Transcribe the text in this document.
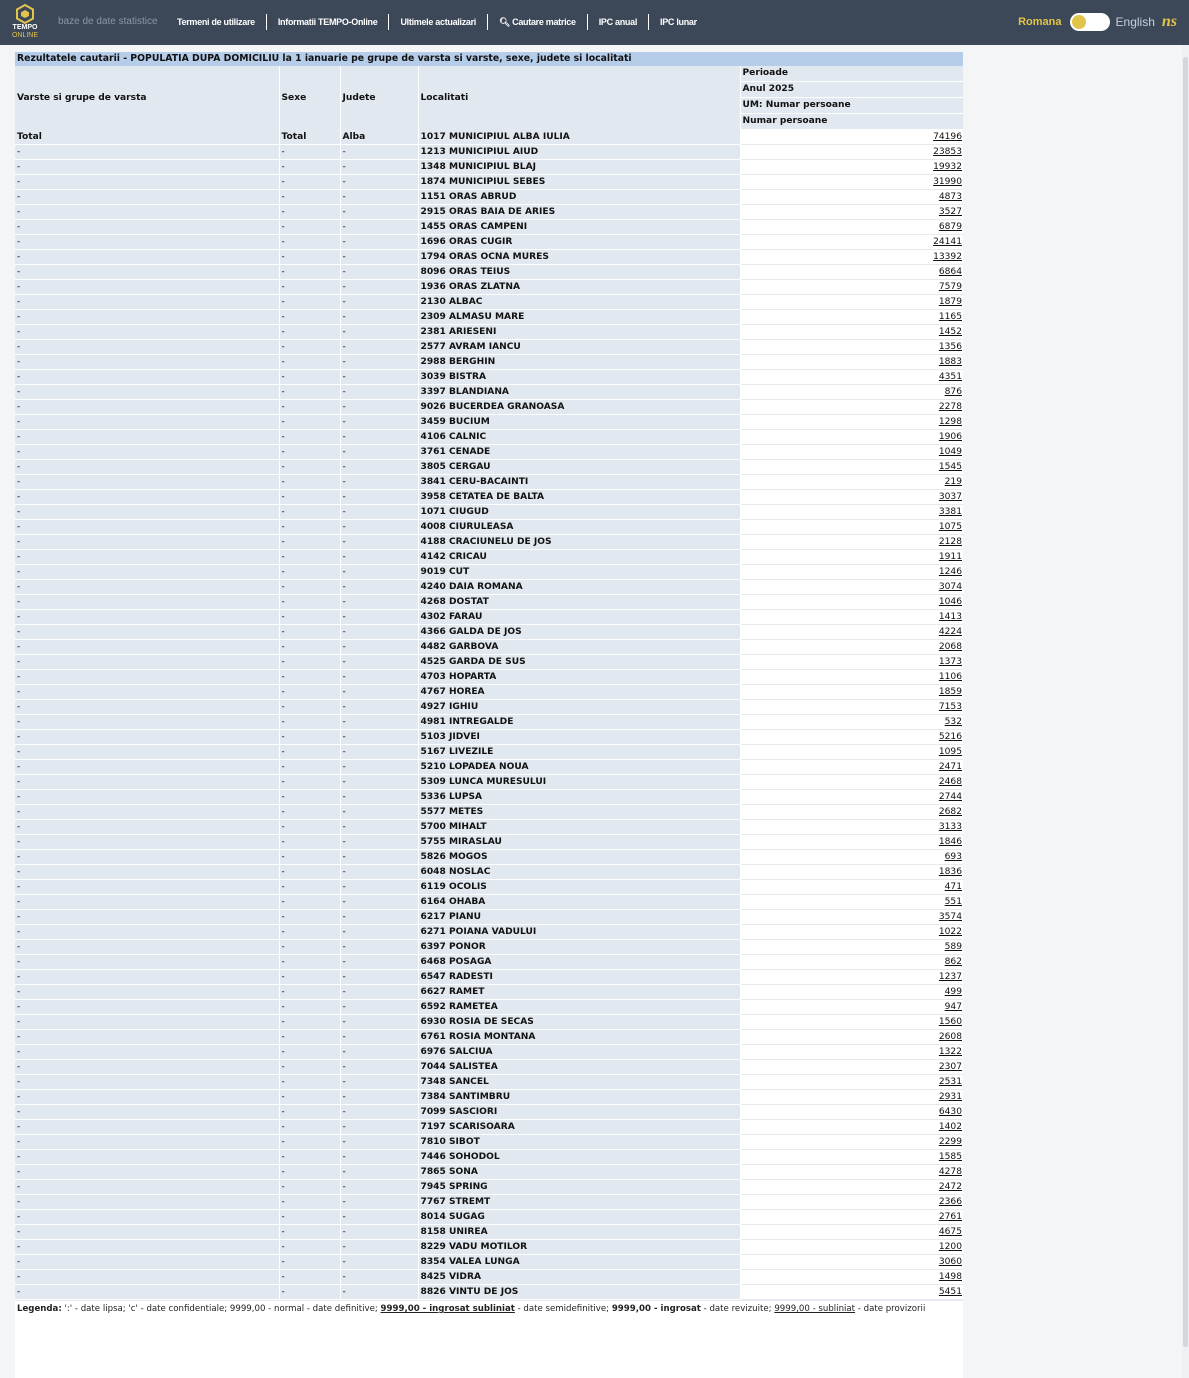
TEMPO
ONLINE
baze de date statistice	Termeni de utilizare	Informatii TEMPO-Online	Ultimele actualizari	🔍︎ Cautare matrice	IPC anual	IPC lunar	Romana	English ns
Rezultatele cautarii - POPULATIA DUPA DOMICILIU la 1 ianuarie pe grupe de varsta si varste, sexe, judete si localitati
Varste si grupe de varsta	Sexe	Judete	Localitati	Perioade
				Anul 2025
				UM: Numar persoane
				Numar persoane
Total	Total	Alba	1017 MUNICIPIUL ALBA IULIA	74196
-	-	-	1213 MUNICIPIUL AIUD	23853
-	-	-	1348 MUNICIPIUL BLAJ	19932
-	-	-	1874 MUNICIPIUL SEBES	31990
-	-	-	1151 ORAS ABRUD	4873
-	-	-	2915 ORAS BAIA DE ARIES	3527
-	-	-	1455 ORAS CAMPENI	6879
-	-	-	1696 ORAS CUGIR	24141
-	-	-	1794 ORAS OCNA MURES	13392
-	-	-	8096 ORAS TEIUS	6864
-	-	-	1936 ORAS ZLATNA	7579
-	-	-	2130 ALBAC	1879
-	-	-	2309 ALMASU MARE	1165
-	-	-	2381 ARIESENI	1452
-	-	-	2577 AVRAM IANCU	1356
-	-	-	2988 BERGHIN	1883
-	-	-	3039 BISTRA	4351
-	-	-	3397 BLANDIANA	876
-	-	-	9026 BUCERDEA GRANOASA	2278
-	-	-	3459 BUCIUM	1298
-	-	-	4106 CALNIC	1906
-	-	-	3761 CENADE	1049
-	-	-	3805 CERGAU	1545
-	-	-	3841 CERU-BACAINTI	219
-	-	-	3958 CETATEA DE BALTA	3037
-	-	-	1071 CIUGUD	3381
-	-	-	4008 CIURULEASA	1075
-	-	-	4188 CRACIUNELU DE JOS	2128
-	-	-	4142 CRICAU	1911
-	-	-	9019 CUT	1246
-	-	-	4240 DAIA ROMANA	3074
-	-	-	4268 DOSTAT	1046
-	-	-	4302 FARAU	1413
-	-	-	4366 GALDA DE JOS	4224
-	-	-	4482 GARBOVA	2068
-	-	-	4525 GARDA DE SUS	1373
-	-	-	4703 HOPARTA	1106
-	-	-	4767 HOREA	1859
-	-	-	4927 IGHIU	7153
-	-	-	4981 INTREGALDE	532
-	-	-	5103 JIDVEI	5216
-	-	-	5167 LIVEZILE	1095
-	-	-	5210 LOPADEA NOUA	2471
-	-	-	5309 LUNCA MURESULUI	2468
-	-	-	5336 LUPSA	2744
-	-	-	5577 METES	2682
-	-	-	5700 MIHALT	3133
-	-	-	5755 MIRASLAU	1846
-	-	-	5826 MOGOS	693
-	-	-	6048 NOSLAC	1836
-	-	-	6119 OCOLIS	471
-	-	-	6164 OHABA	551
-	-	-	6217 PIANU	3574
-	-	-	6271 POIANA VADULUI	1022
-	-	-	6397 PONOR	589
-	-	-	6468 POSAGA	862
-	-	-	6547 RADESTI	1237
-	-	-	6627 RAMET	499
-	-	-	6592 RAMETEA	947
-	-	-	6930 ROSIA DE SECAS	1560
-	-	-	6761 ROSIA MONTANA	2608
-	-	-	6976 SALCIUA	1322
-	-	-	7044 SALISTEA	2307
-	-	-	7348 SANCEL	2531
-	-	-	7384 SANTIMBRU	2931
-	-	-	7099 SASCIORI	6430
-	-	-	7197 SCARISOARA	1402
-	-	-	7810 SIBOT	2299
-	-	-	7446 SOHODOL	1585
-	-	-	7865 SONA	4278
-	-	-	7945 SPRING	2472
-	-	-	7767 STREMT	2366
-	-	-	8014 SUGAG	2761
-	-	-	8158 UNIREA	4675
-	-	-	8229 VADU MOTILOR	1200
-	-	-	8354 VALEA LUNGA	3060
-	-	-	8425 VIDRA	1498
-	-	-	8826 VINTU DE JOS	5451
Legenda: ':' - date lipsa; 'c' - date confidentiale; 9999,00 - normal - date definitive; 9999,00 - ingrosat subliniat - date semidefinitive; 9999,00 - ingrosat - date revizuite; 9999,00 - subliniat - date provizorii
